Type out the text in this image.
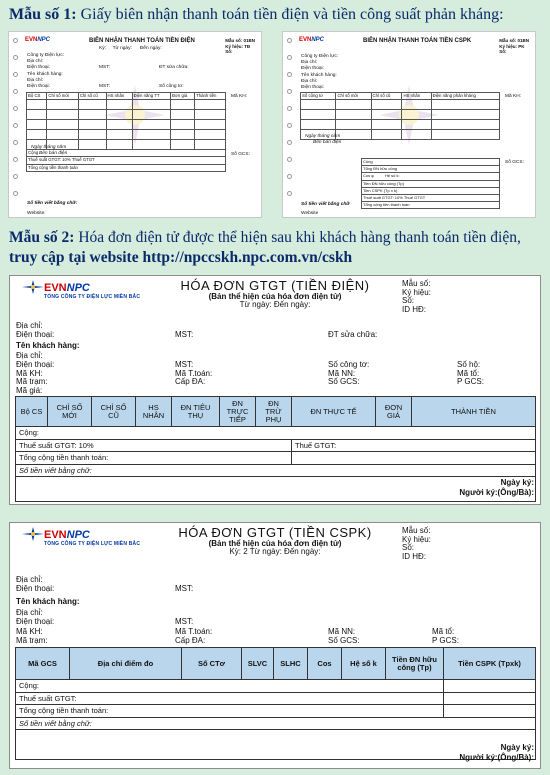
Mẫu số 1: Giấy biên nhận thanh toán tiền điện và tiền công suất phản kháng:
EVNNPC	BIÊN NHẬN THANH TOÁN TIỀN ĐIỆN	Mẫu số: 01BN
Ký hiệu: TĐ
Số:
Kỳ: Từ ngày: Đến ngày:
Công ty Điện lực:
Địa chỉ:
Điện thoại:
Tên khách hàng:
Địa chỉ:
Điện thoại:
MST:	ĐT sửa chữa:
MST:	Số công tơ:
Bộ CS	Chỉ số mới	Chỉ số cũ	HS nhân	Điện năng TT	Đơn giá	Thành tiền

Cộng						
Thuế suất GTGT: 10% Thuế GTGT						
Tổng cộng tiền thanh toán						
Ngày tháng năm
Bên bán điện
Mã KH:
Số GCS:
Số tiền viết bằng chữ:
Website:
EVNNPC	BIÊN NHẬN THANH TOÁN TIỀN CSPK	Mẫu số: 01BN
Ký hiệu: PK
Số:
Công ty Điện lực:
Địa chỉ:
Điện thoại:
Tên khách hàng:
Địa chỉ:
Điện thoại:
Số công tơ	Chỉ số mới	Chỉ số cũ	HS nhân	Điện năng phản kháng

Ngày tháng năm
Bên bán điện
Cộng
Tổng ĐN hữu công
Cos φ	Hệ số k:
Tiền ĐN hữu công (Tp)
Tiền CSPK (Tp x k)
Thuế suất GTGT: 10% Thuế GTGT
Tổng cộng tiền thanh toán
Mã KH:
Số GCS:
Số tiền viết bằng chữ
Website
Mẫu số 2: Hóa đơn điện tử được thể hiện sau khi khách hàng thanh toán tiền điện, truy cập tại website http://npccskh.npc.com.vn/cskh
EVNNPC
TỔNG CÔNG TY ĐIỆN LỰC MIỀN BẮC
HÓA ĐƠN GTGT (TIỀN ĐIỆN)
(Bản thể hiện của hóa đơn điện tử)
Từ ngày: Đến ngày:
Mẫu số:
Ký hiệu:
Số:
ID HĐ:
Địa chỉ:
Điện thoại:	MST:	ĐT sửa chữa:
Tên khách hàng:
Địa chỉ:
Điện thoại:	MST:	Số công tơ:	Số hộ:
Mã KH:	Mã T.toán:	Mã NN:	Mã tổ:
Mã trạm:	Cấp ĐA:	Số GCS:	P GCS:
Mã giá:
Bộ CS	CHỈ SỐ MỚI	CHỈ SỐ CŨ	HS NHÂN	ĐN TIÊU THỤ	ĐN TRỰC TIẾP	ĐN TRỪ PHỤ	ĐN THỰC TẾ	ĐƠN GIÁ	THÀNH TIỀN
Cộng:									
Thuế suất GTGT: 10%							Thuế GTGT:		
Tổng cộng tiền thanh toán:									
Số tiền viết bằng chữ:									

Ngày ký:
Người ký:(Ông/Bà):
EVNNPC
TỔNG CÔNG TY ĐIỆN LỰC MIỀN BẮC
HÓA ĐƠN GTGT (TIỀN CSPK)
(Bản thể hiện của hóa đơn điện tử)
Kỳ: 2 Từ ngày: Đến ngày:
Mẫu số:
Ký hiệu:
Số:
ID HĐ:
Địa chỉ:
Điện thoại:	MST:
Tên khách hàng:
Địa chỉ:
Điện thoại:	MST:
Mã KH:	Mã T.toán:	Mã NN:	Mã tổ:
Mã trạm:	Cấp ĐA:	Số GCS:	P GCS:
Mã GCS	Địa chỉ điểm đo	Số CTơ	SLVC	SLHC	Cos	Hệ số k	Tiền ĐN hữu công (Tp)	Tiền CSPK (Tpxk)
Cộng:								
Thuế suất GTGT:								
Tổng cộng tiền thanh toán:								
Số tiền viết bằng chữ:								

Ngày ký:
Người ký:(Ông/Bà):
